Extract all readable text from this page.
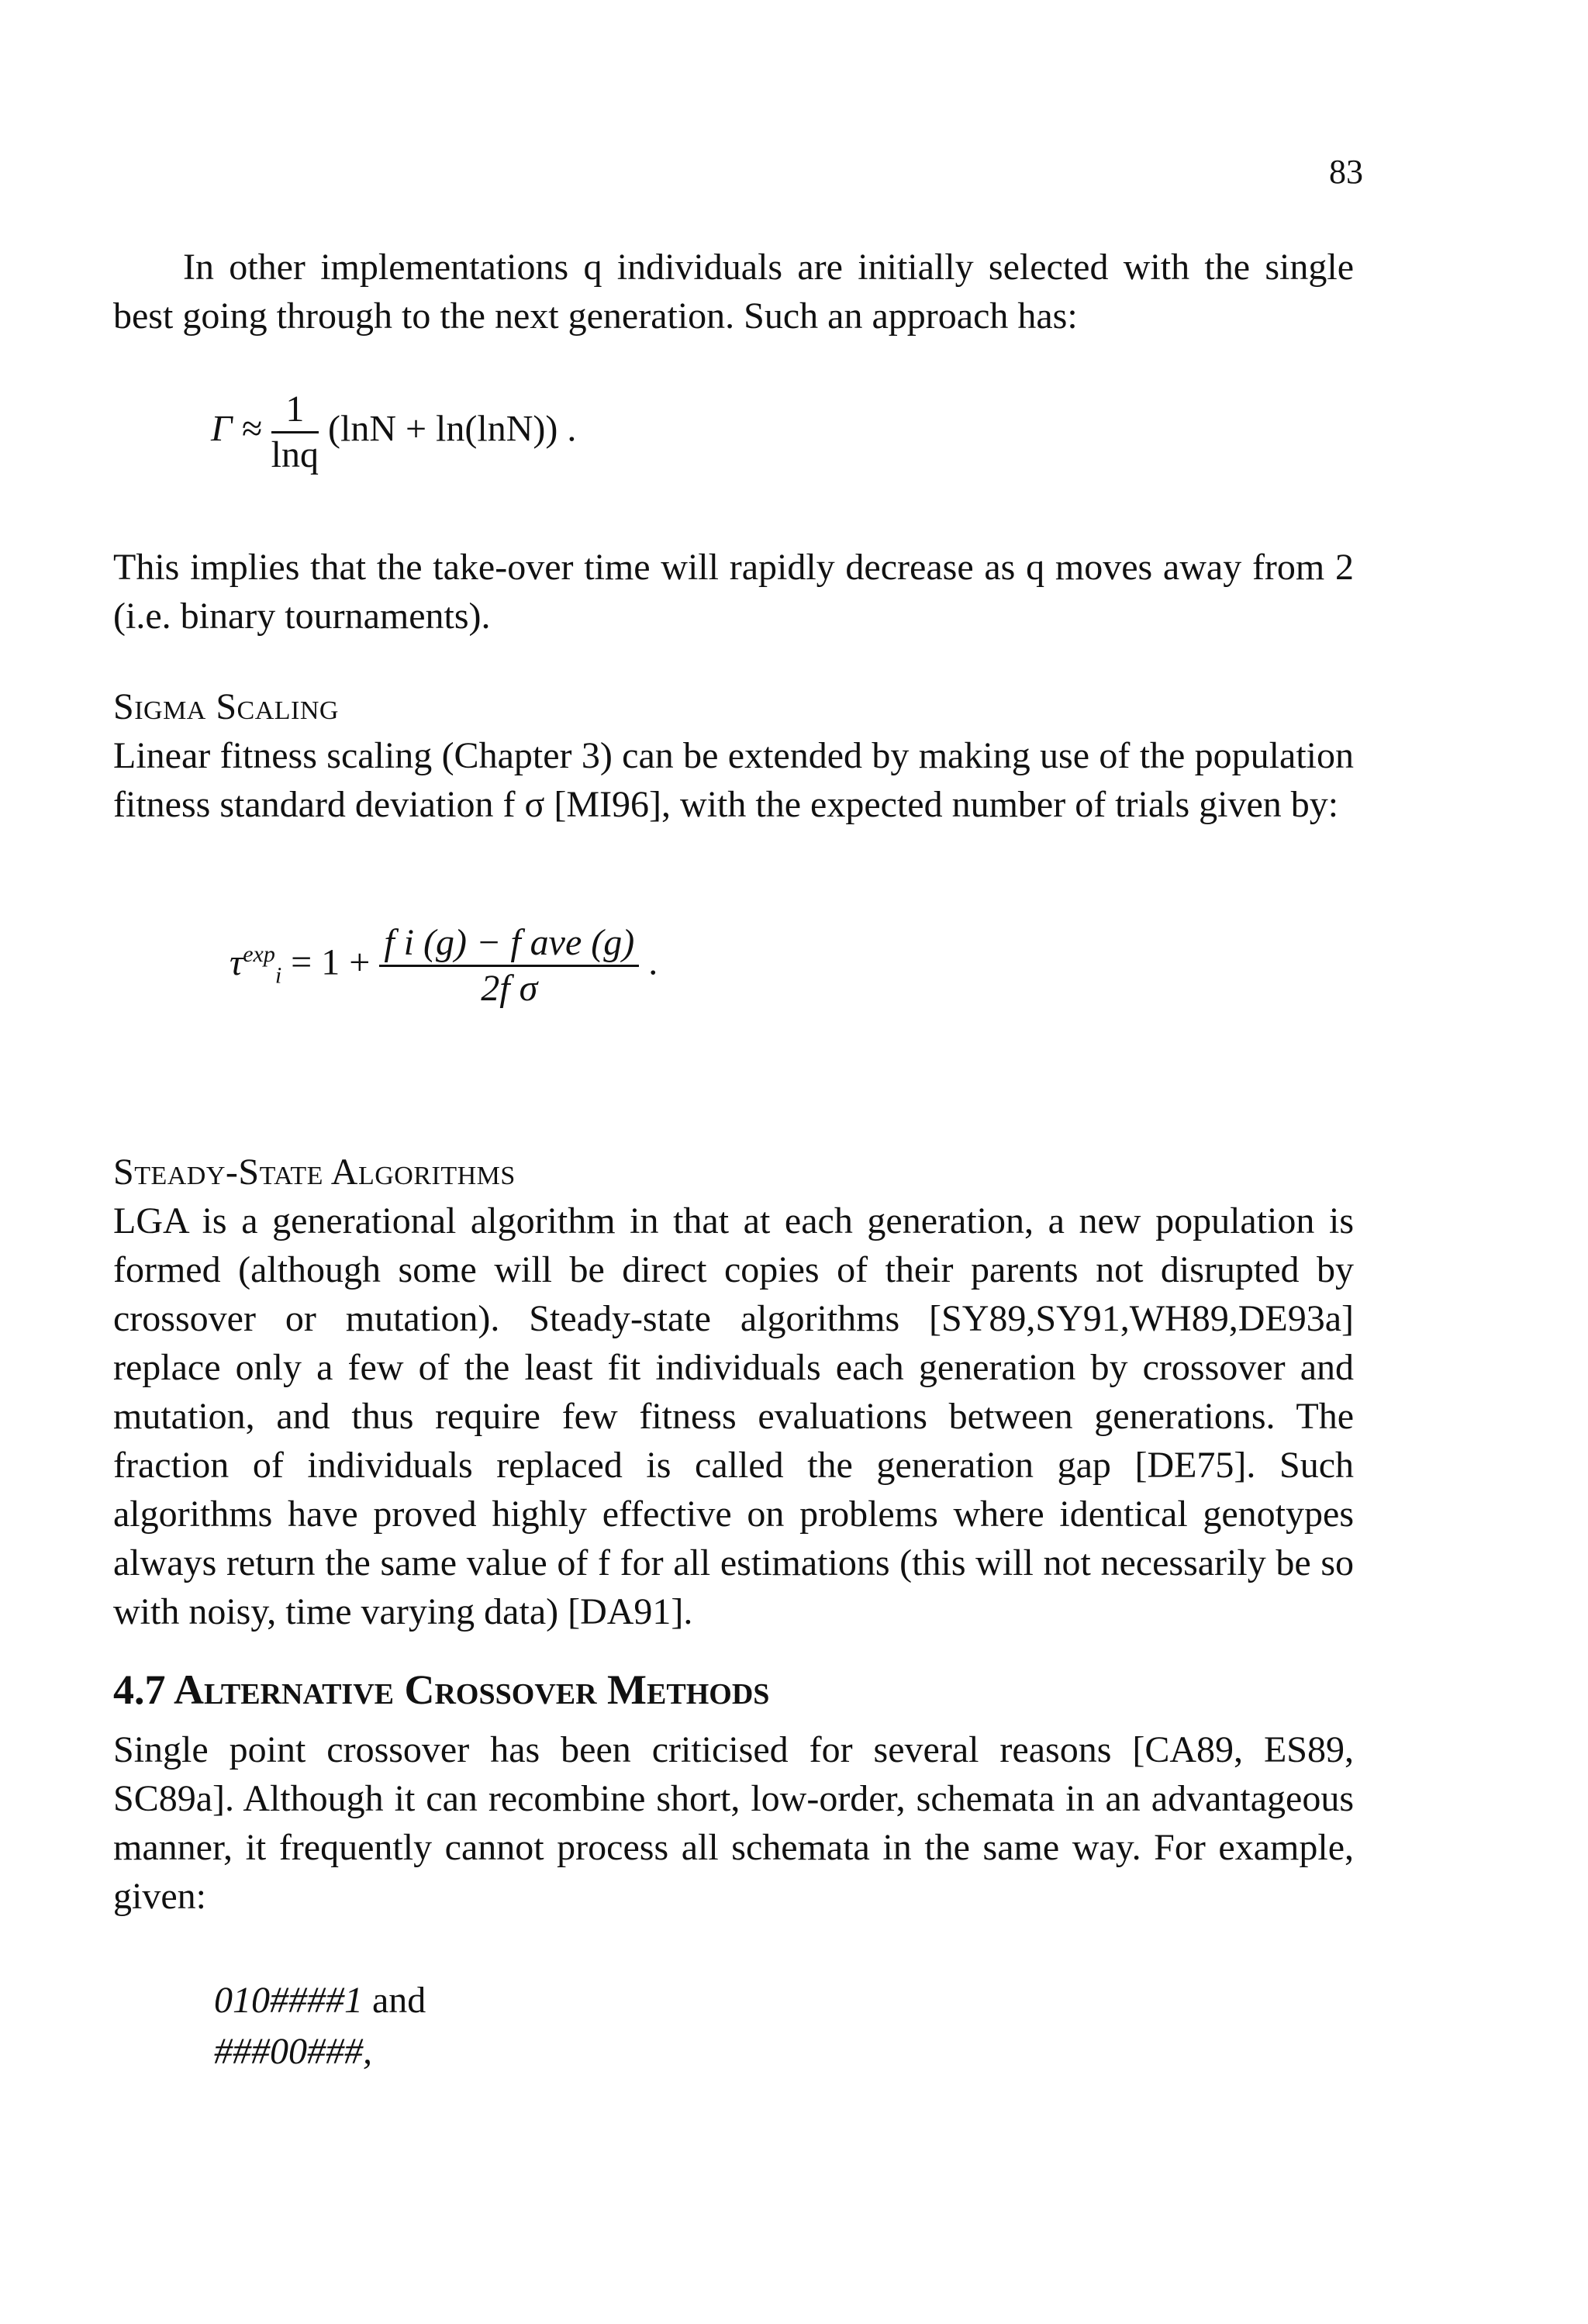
83

In other implementations q individuals are initially selected with the single best going through to the next generation. Such an approach has:

$\Gamma \approx \frac{1}{\ln q} (\ln N + \ln(\ln N))$ .

This implies that the take-over time will rapidly decrease as q moves away from 2 (i.e. binary tournaments).

Sigma Scaling

Linear fitness scaling (Chapter 3) can be extended by making use of the population fitness standard deviation f σ [MI96], with the expected number of trials given by:

$\tau^{exp}_i = 1 + \frac{\text{f i (g) − f ave (g)}}{\text{2f σ}}$ .

Steady-State Algorithms

LGA is a generational algorithm in that at each generation, a new population is formed (although some will be direct copies of their parents not disrupted by crossover or mutation). Steady-state algorithms [SY89,SY91,WH89,DE93a] replace only a few of the least fit individuals each generation by crossover and mutation, and thus require few fitness evaluations between generations. The fraction of individuals replaced is called the generation gap [DE75]. Such algorithms have proved highly effective on problems where identical genotypes always return the same value of f for all estimations (this will not necessarily be so with noisy, time varying data) [DA91].

4.7 Alternative Crossover Methods

Single point crossover has been criticised for several reasons [CA89, ES89, SC89a]. Although it can recombine short, low-order, schemata in an advantageous manner, it frequently cannot process all schemata in the same way. For example, given:

010####1 and
###00###,
